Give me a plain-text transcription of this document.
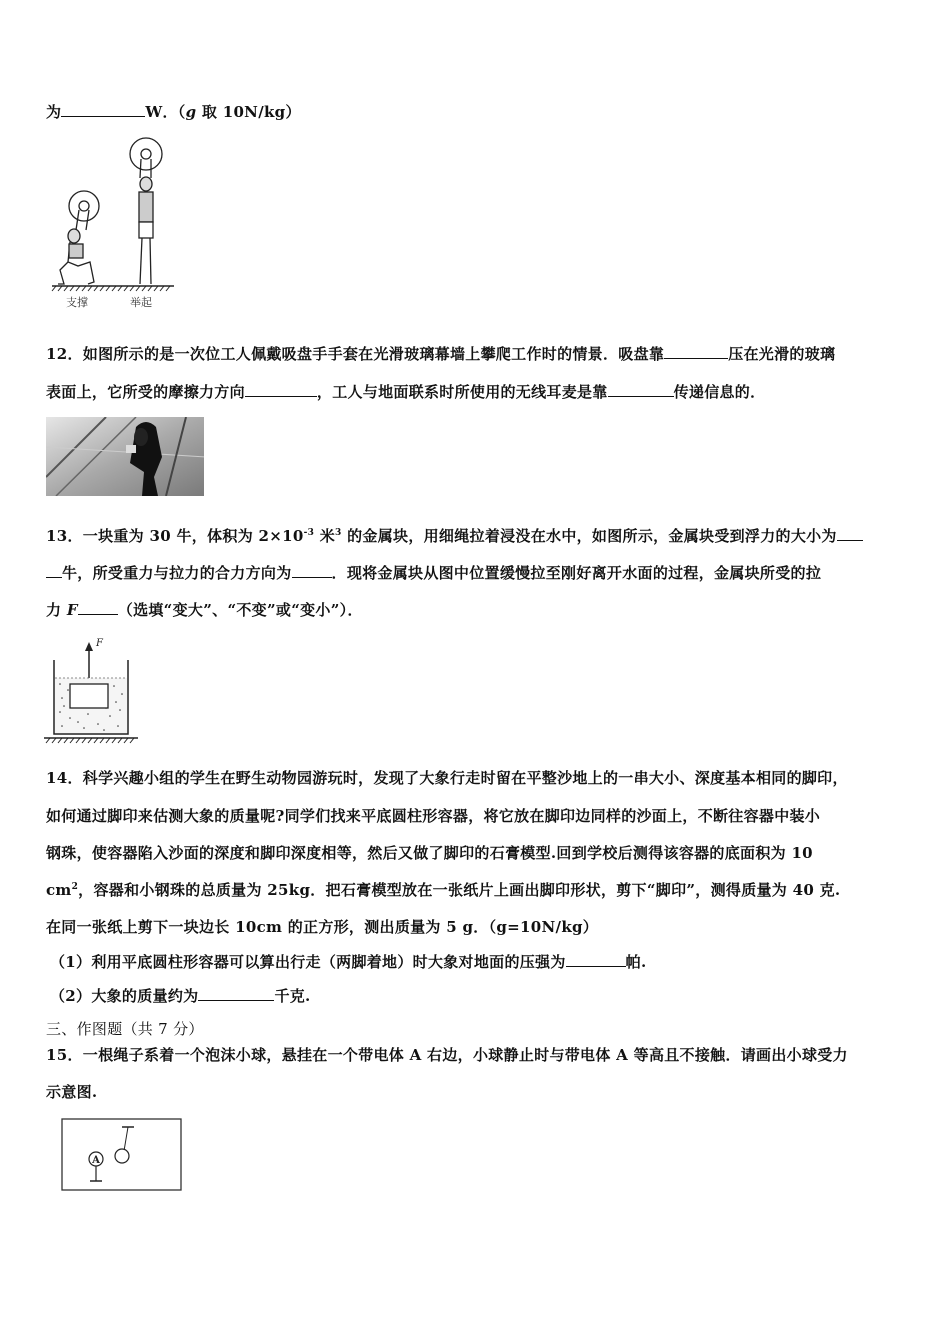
为	W．（g 取 10N/kg）
支撑	举起
12．如图所示的是一次位工人佩戴吸盘手手套在光滑玻璃幕墙上攀爬工作时的情景．吸盘靠	压在光滑的玻璃
表面上，它所受的摩擦力方向	，工人与地面联系时所使用的无线耳麦是靠	传递信息的．
13．一块重为 30 牛，体积为 $2\times 10^{-3}$ 米$^3$ 的金属块，用细绳拉着浸没在水中，如图所示，金属块受到浮力的大小为
牛，所受重力与拉力的合力方向为	．现将金属块从图中位置缓慢拉至刚好离开水面的过程，金属块所受的拉
力 F	（选填“变大”、“不变”或“变小”）．
F
14．科学兴趣小组的学生在野生动物园游玩时，发现了大象行走时留在平整沙地上的一串大小、深度基本相同的脚印，
如何通过脚印来估测大象的质量呢?同学们找来平底圆柱形容器，将它放在脚印边同样的沙面上，不断往容器中装小
钢珠，使容器陷入沙面的深度和脚印深度相等，然后又做了脚印的石膏模型.回到学校后测得该容器的底面积为 10
$cm^2$，容器和小钢珠的总质量为 25kg．把石膏模型放在一张纸片上画出脚印形状，剪下“脚印”，测得质量为 40 克.
在同一张纸上剪下一块边长 10cm 的正方形，测出质量为 5 g．（g=10N/kg）
（1）利用平底圆柱形容器可以算出行走（两脚着地）时大象对地面的压强为	帕.
（2）大象的质量约为	千克.
三、作图题（共 7 分）
15．一根绳子系着一个泡沫小球，悬挂在一个带电体 A 右边，小球静止时与带电体 A 等高且不接触．请画出小球受力
示意图.
A
